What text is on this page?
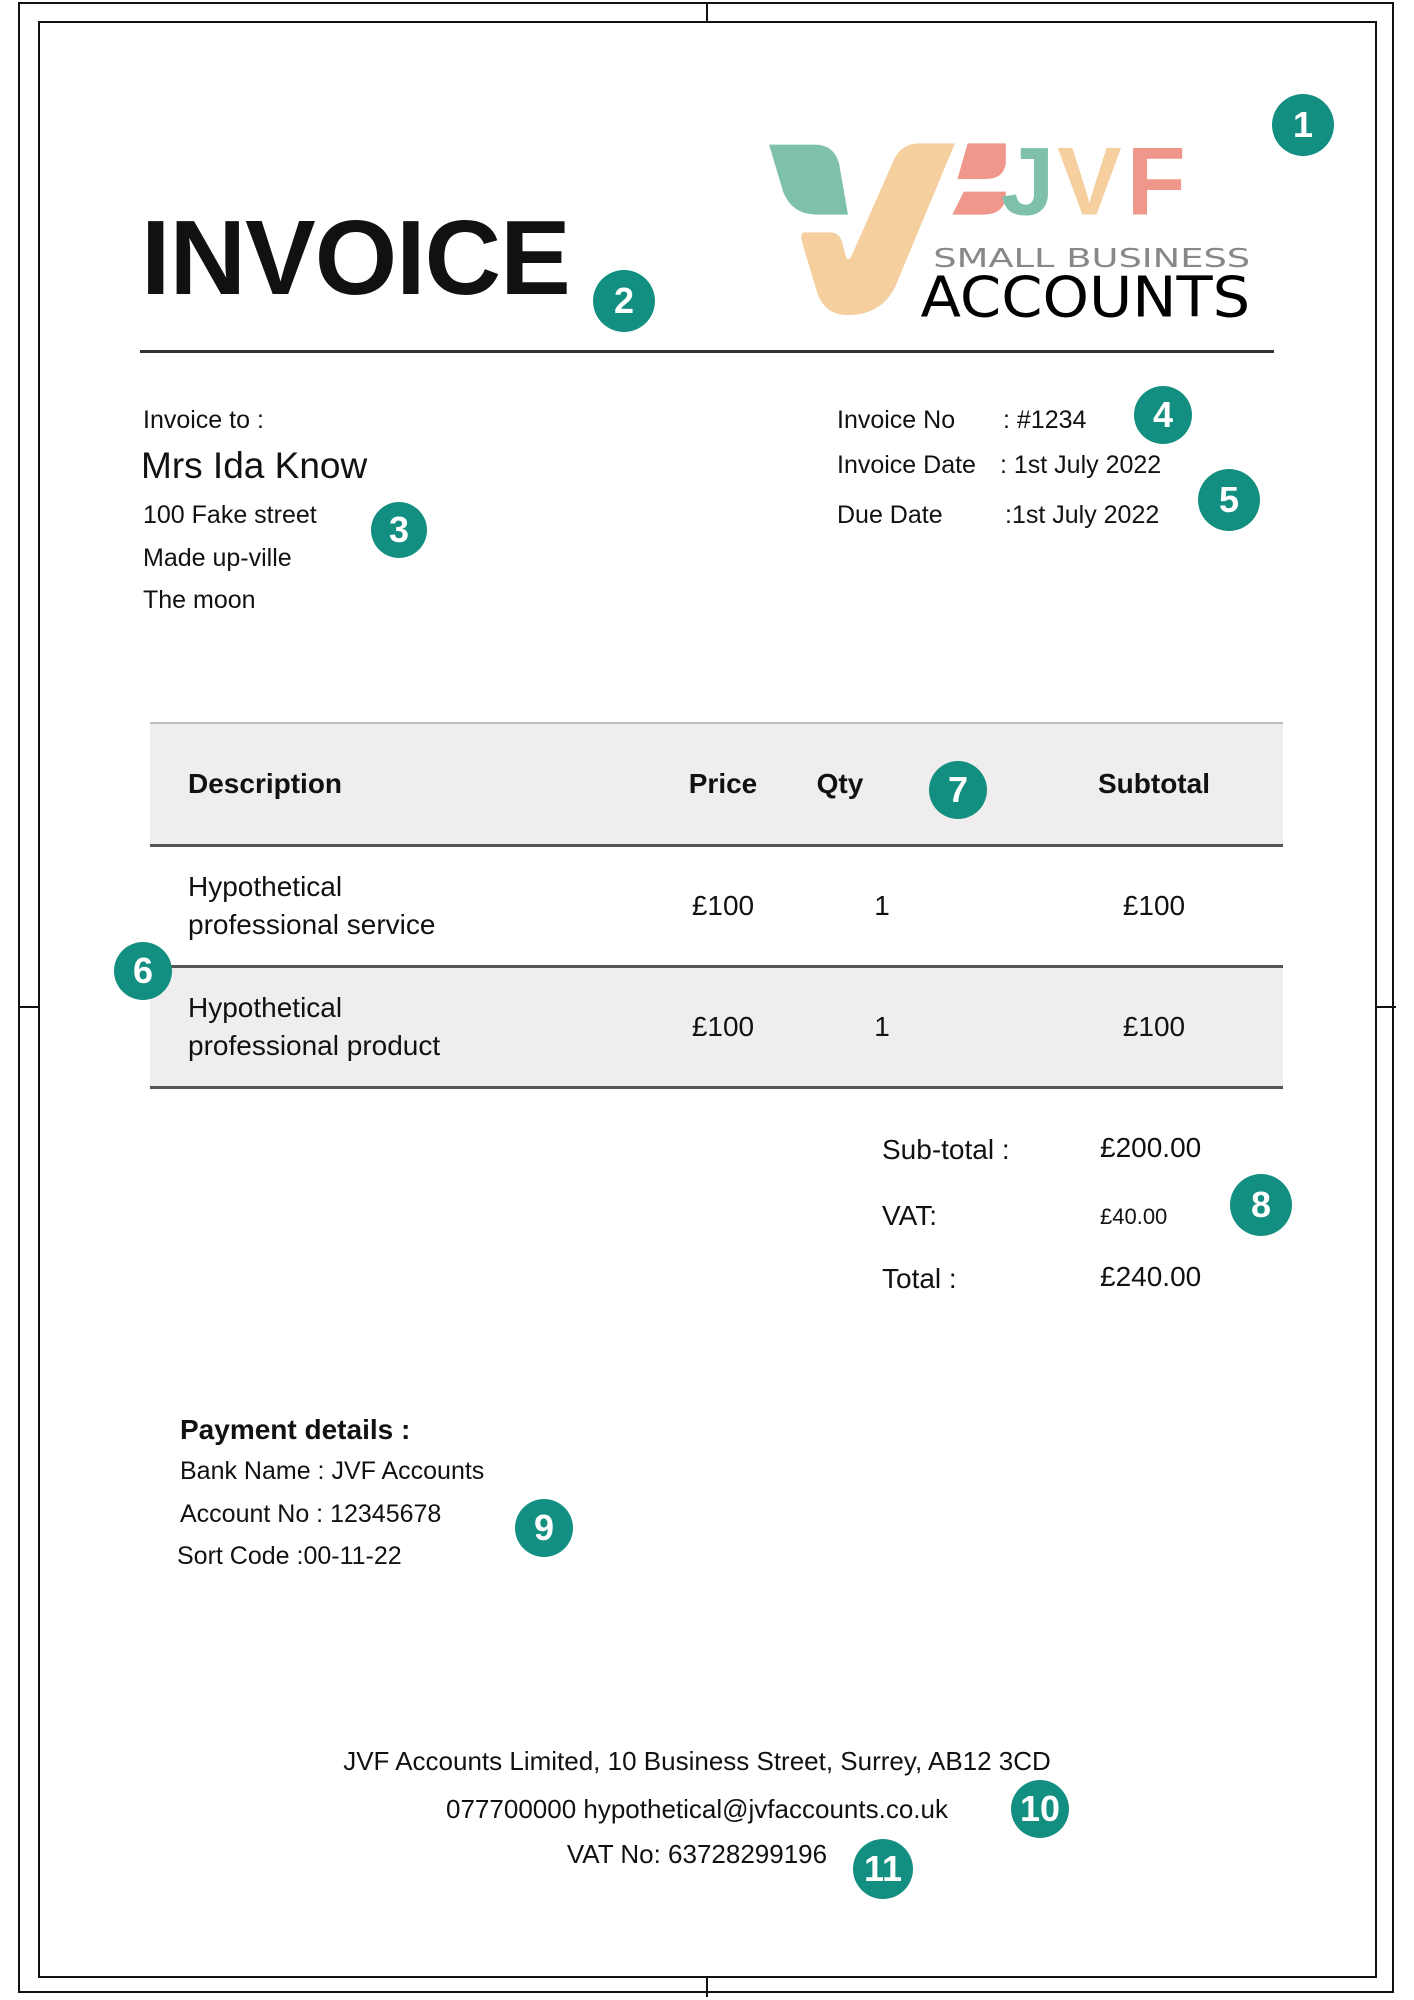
JVF
SMALL BUSINESS
ACCOUNTS
INVOICE
Invoice to :
Mrs Ida Know
100 Fake street
Made up-ville
The moon
Invoice No : #1234
Invoice Date : 1st July 2022
Due Date :1st July 2022
Description	Price	Qty	Subtotal
Hypothetical
professional service
£100	1	£100
Hypothetical
professional product
£100	1	£100
Sub-total :	£200.00
VAT:	£40.00
Total :	£240.00
Payment details :
Bank Name : JVF Accounts
Account No : 12345678
Sort Code :00-11-22
JVF Accounts Limited, 10 Business Street, Surrey, AB12 3CD
077700000 hypothetical@jvfaccounts.co.uk
VAT No: 63728299196
1
2
3
4
5
6
7
8
9
10
11
